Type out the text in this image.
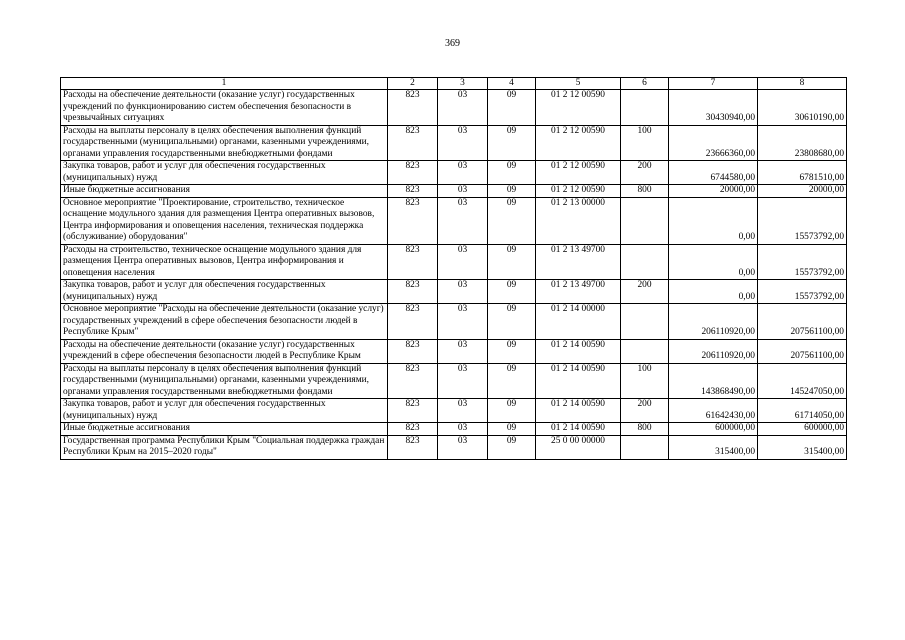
369
1	2	3	4	5	6	7	8
Расходы на обеспечение деятельности (оказание услуг) государственных учреждений по функционированию систем обеспечения безопасности в чрезвычайных ситуациях	823	03	09	01 2 12 00590		30430940,00	30610190,00
Расходы на выплаты персоналу в целях обеспечения выполнения функций государственными (муниципальными) органами, казенными учреждениями, органами управления государственными внебюджетными фондами	823	03	09	01 2 12 00590	100	23666360,00	23808680,00
Закупка товаров, работ и услуг для обеспечения государственных (муниципальных) нужд	823	03	09	01 2 12 00590	200	6744580,00	6781510,00
Иные бюджетные ассигнования	823	03	09	01 2 12 00590	800	20000,00	20000,00
Основное мероприятие "Проектирование, строительство, техническое оснащение модульного здания для размещения Центра оперативных вызовов, Центра информирования и оповещения населения, техническая поддержка (обслуживание) оборудования"	823	03	09	01 2 13 00000		0,00	15573792,00
Расходы на строительство, техническое оснащение модульного здания для размещения Центра оперативных вызовов, Центра информирования и оповещения населения	823	03	09	01 2 13 49700		0,00	15573792,00
Закупка товаров, работ и услуг для обеспечения государственных (муниципальных) нужд	823	03	09	01 2 13 49700	200	0,00	15573792,00
Основное мероприятие "Расходы на обеспечение деятельности (оказание услуг) государственных учреждений в сфере обеспечения безопасности людей в Республике Крым"	823	03	09	01 2 14 00000		206110920,00	207561100,00
Расходы на обеспечение деятельности (оказание услуг) государственных учреждений в сфере обеспечения безопасности людей в Республике Крым	823	03	09	01 2 14 00590		206110920,00	207561100,00
Расходы на выплаты персоналу в целях обеспечения выполнения функций государственными (муниципальными) органами, казенными учреждениями, органами управления государственными внебюджетными фондами	823	03	09	01 2 14 00590	100	143868490,00	145247050,00
Закупка товаров, работ и услуг для обеспечения государственных (муниципальных) нужд	823	03	09	01 2 14 00590	200	61642430,00	61714050,00
Иные бюджетные ассигнования	823	03	09	01 2 14 00590	800	600000,00	600000,00
Государственная программа Республики Крым "Социальная поддержка граждан Республики Крым на 2015–2020 годы"	823	03	09	25 0 00 00000		315400,00	315400,00
